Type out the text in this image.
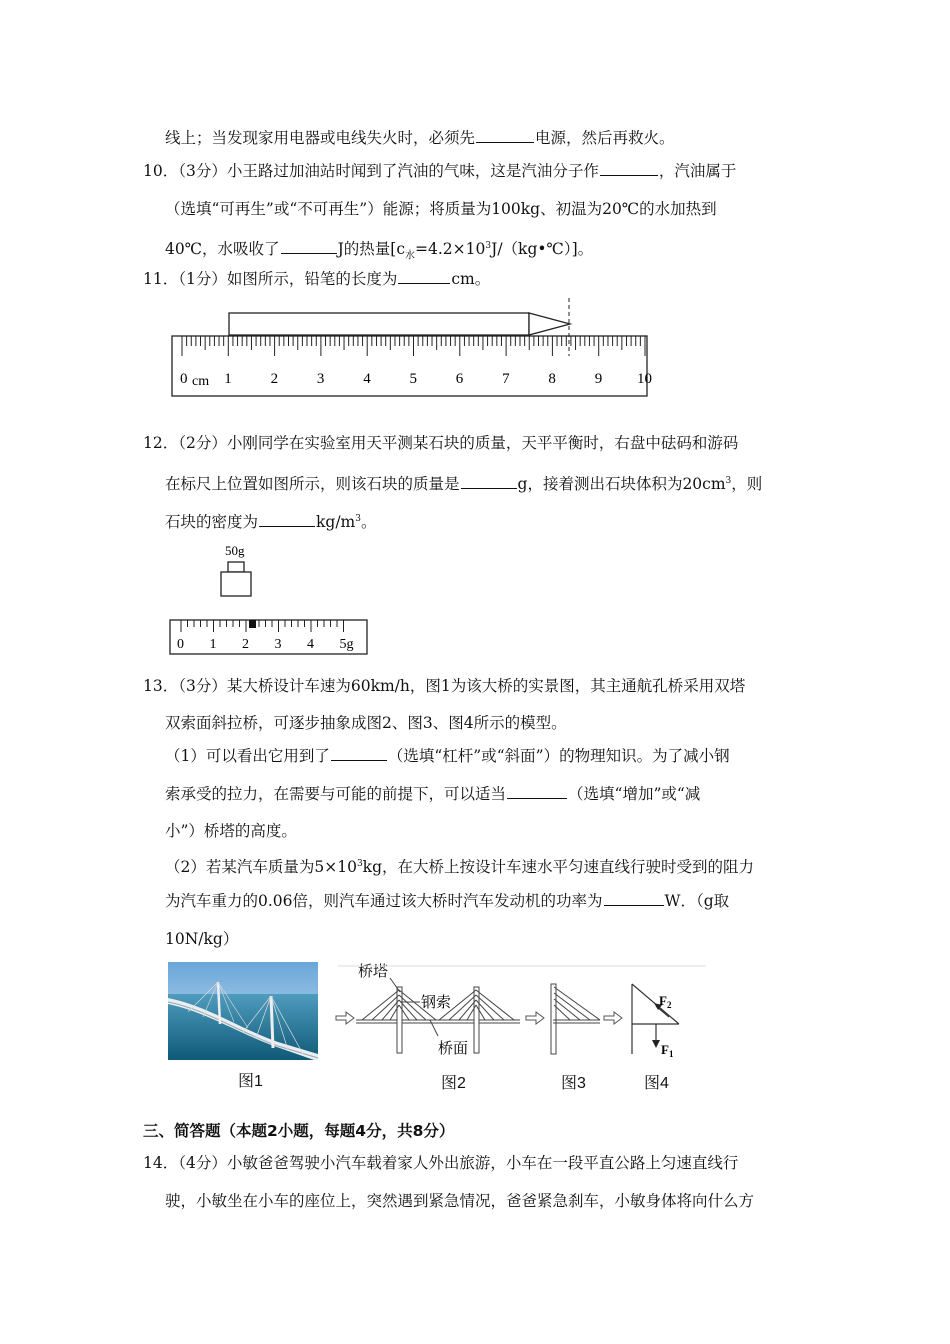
线上；当发现家用电器或电线失火时，必须先	电源，然后再救火。
10．（3分）小王路过加油站时闻到了汽油的气味，这是汽油分子作	，汽油属于
（选填“可再生”或“不可再生”）能源；将质量为100kg、初温为20℃的水加热到
40℃，水吸收了	J的热量$[c_水=4.2\times 10^3J/(kg•℃)]$。
11．（1分）如图所示，铅笔的长度为	cm。
0 1	2	3	4	5	6	7	8	9 10
cm
12．（2分）小刚同学在实验室用天平测某石块的质量，天平平衡时，右盘中砝码和游码
在标尺上位置如图所示，则该石块的质量是	g，接着测出石块体积为$20cm^3$，则
石块的密度为	$kg/m^3$。
50g
0 1 2 3 4 5g
13．（3分）某大桥设计车速为60km/h，图1为该大桥的实景图，其主通航孔桥采用双塔
双索面斜拉桥，可逐步抽象成图2、图3、图4所示的模型。
（1）可以看出它用到了	（选填“杠杆”或“斜面”）的物理知识。为了减小钢
索承受的拉力，在需要与可能的前提下，可以适当	（选填“增加”或“减
小”）桥塔的高度。
（2）若某汽车质量为$5\times 10^3kg$，在大桥上按设计车速水平匀速直线行驶时受到的阻力
为汽车重力的0.06倍，则汽车通过该大桥时汽车发动机的功率为	W．（g取
10N/kg）
桥塔
钢索
桥面
$F_2$
$F_1$
图1	图2	图3	图4
三、简答题（本题2小题，每题4分，共8分）
14．（4分）小敏爸爸驾驶小汽车载着家人外出旅游，小车在一段平直公路上匀速直线行
驶，小敏坐在小车的座位上，突然遇到紧急情况，爸爸紧急刹车，小敏身体将向什么方
